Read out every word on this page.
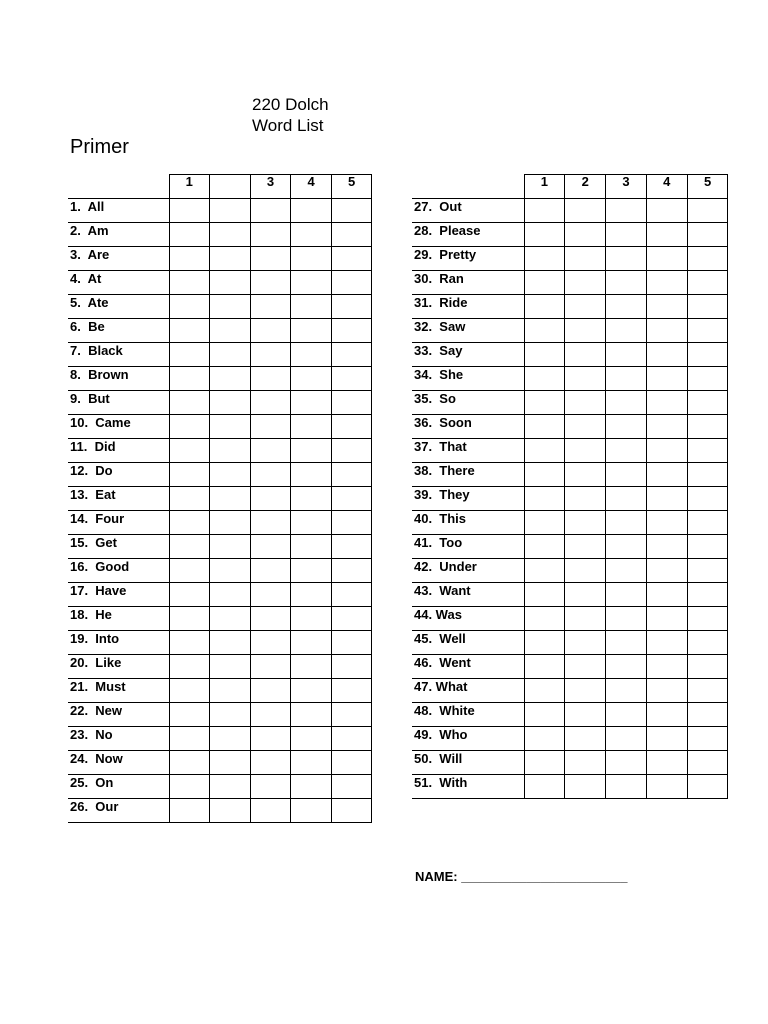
220 Dolch
Word List
Primer
	1		3	4	5
1.  All					
2.  Am					
3.  Are					
4.  At					
5.  Ate					
6.  Be					
7.  Black					
8.  Brown					
9.  But					
10.  Came					
11.  Did					
12.  Do					
13.  Eat					
14.  Four					
15.  Get					
16.  Good					
17.  Have					
18.  He					
19.  Into					
20.  Like					
21.  Must					
22.  New					
23.  No					
24.  Now					
25.  On					
26.  Our					
	1	2	3	4	5
27.  Out					
28.  Please					
29.  Pretty					
30.  Ran					
31.  Ride					
32.  Saw					
33.  Say					
34.  She					
35.  So					
36.  Soon					
37.  That					
38.  There					
39.  They					
40.  This					
41.  Too					
42.  Under					
43.  Want					
44. Was					
45.  Well					
46.  Went					
47. What					
48.  White					
49.  Who					
50.  Will					
51.  With					
NAME: _______________________
